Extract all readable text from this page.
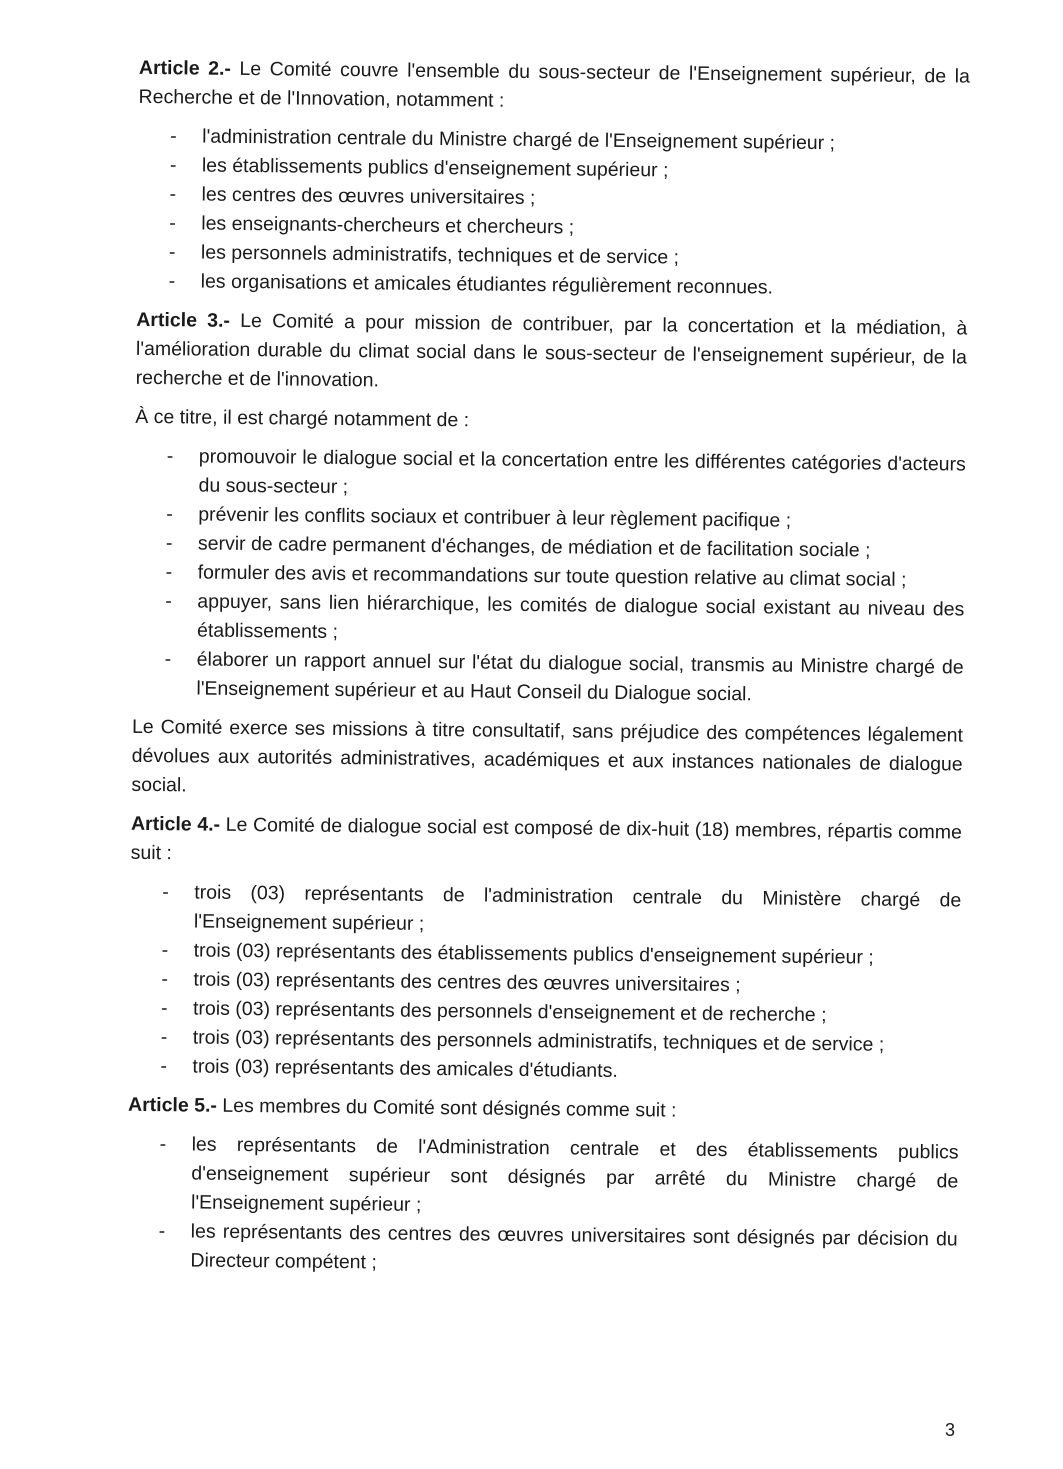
Article 2.- Le Comité couvre l'ensemble du sous-secteur de l'Enseignement supérieur, de la Recherche et de l'Innovation, notamment :

- l'administration centrale du Ministre chargé de l'Enseignement supérieur ;
- les établissements publics d'enseignement supérieur ;
- les centres des œuvres universitaires ;
- les enseignants-chercheurs et chercheurs ;
- les personnels administratifs, techniques et de service ;
- les organisations et amicales étudiantes régulièrement reconnues.

Article 3.- Le Comité a pour mission de contribuer, par la concertation et la médiation, à l'amélioration durable du climat social dans le sous-secteur de l'enseignement supérieur, de la recherche et de l'innovation.

À ce titre, il est chargé notamment de :

- promouvoir le dialogue social et la concertation entre les différentes catégories d'acteurs du sous-secteur ;
- prévenir les conflits sociaux et contribuer à leur règlement pacifique ;
- servir de cadre permanent d'échanges, de médiation et de facilitation sociale ;
- formuler des avis et recommandations sur toute question relative au climat social ;
- appuyer, sans lien hiérarchique, les comités de dialogue social existant au niveau des établissements ;
- élaborer un rapport annuel sur l'état du dialogue social, transmis au Ministre chargé de l'Enseignement supérieur et au Haut Conseil du Dialogue social.

Le Comité exerce ses missions à titre consultatif, sans préjudice des compétences légalement dévolues aux autorités administratives, académiques et aux instances nationales de dialogue social.

Article 4.- Le Comité de dialogue social est composé de dix-huit (18) membres, répartis comme suit :

- trois (03) représentants de l'administration centrale du Ministère chargé de l'Enseignement supérieur ;
- trois (03) représentants des établissements publics d'enseignement supérieur ;
- trois (03) représentants des centres des œuvres universitaires ;
- trois (03) représentants des personnels d'enseignement et de recherche ;
- trois (03) représentants des personnels administratifs, techniques et de service ;
- trois (03) représentants des amicales d'étudiants.

Article 5.- Les membres du Comité sont désignés comme suit :

- les représentants de l'Administration centrale et des établissements publics d'enseignement supérieur sont désignés par arrêté du Ministre chargé de l'Enseignement supérieur ;
- les représentants des centres des œuvres universitaires sont désignés par décision du Directeur compétent ;
3
